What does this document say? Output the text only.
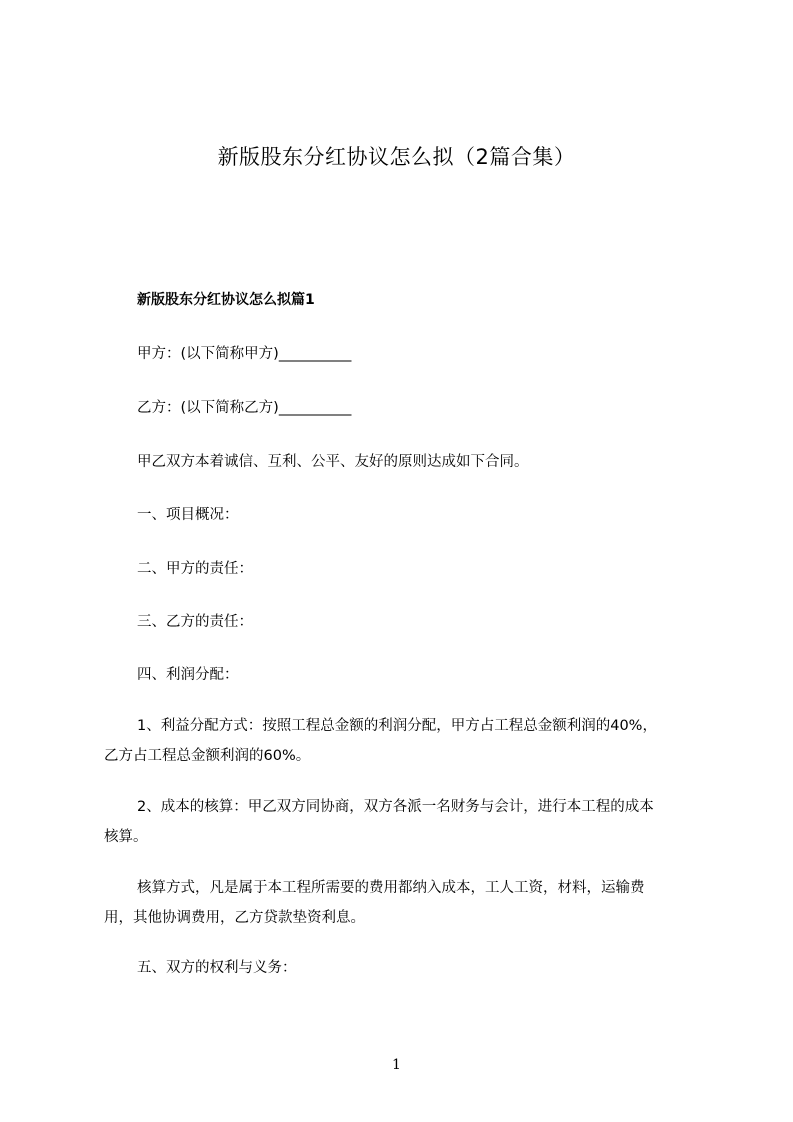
新版股东分红协议怎么拟（2篇合集）
新版股东分红协议怎么拟篇1
甲方：(以下简称甲方)__________
乙方：(以下简称乙方)__________
甲乙双方本着诚信、互利、公平、友好的原则达成如下合同。
一、项目概况：
二、甲方的责任：
三、乙方的责任：
四、利润分配：
1、利益分配方式：按照工程总金额的利润分配，甲方占工程总金额利润的40%，
乙方占工程总金额利润的60%。
2、成本的核算：甲乙双方同协商，双方各派一名财务与会计，进行本工程的成本
核算。
核算方式，凡是属于本工程所需要的费用都纳入成本，工人工资，材料，运输费
用，其他协调费用，乙方贷款垫资利息。
五、双方的权利与义务：
1
